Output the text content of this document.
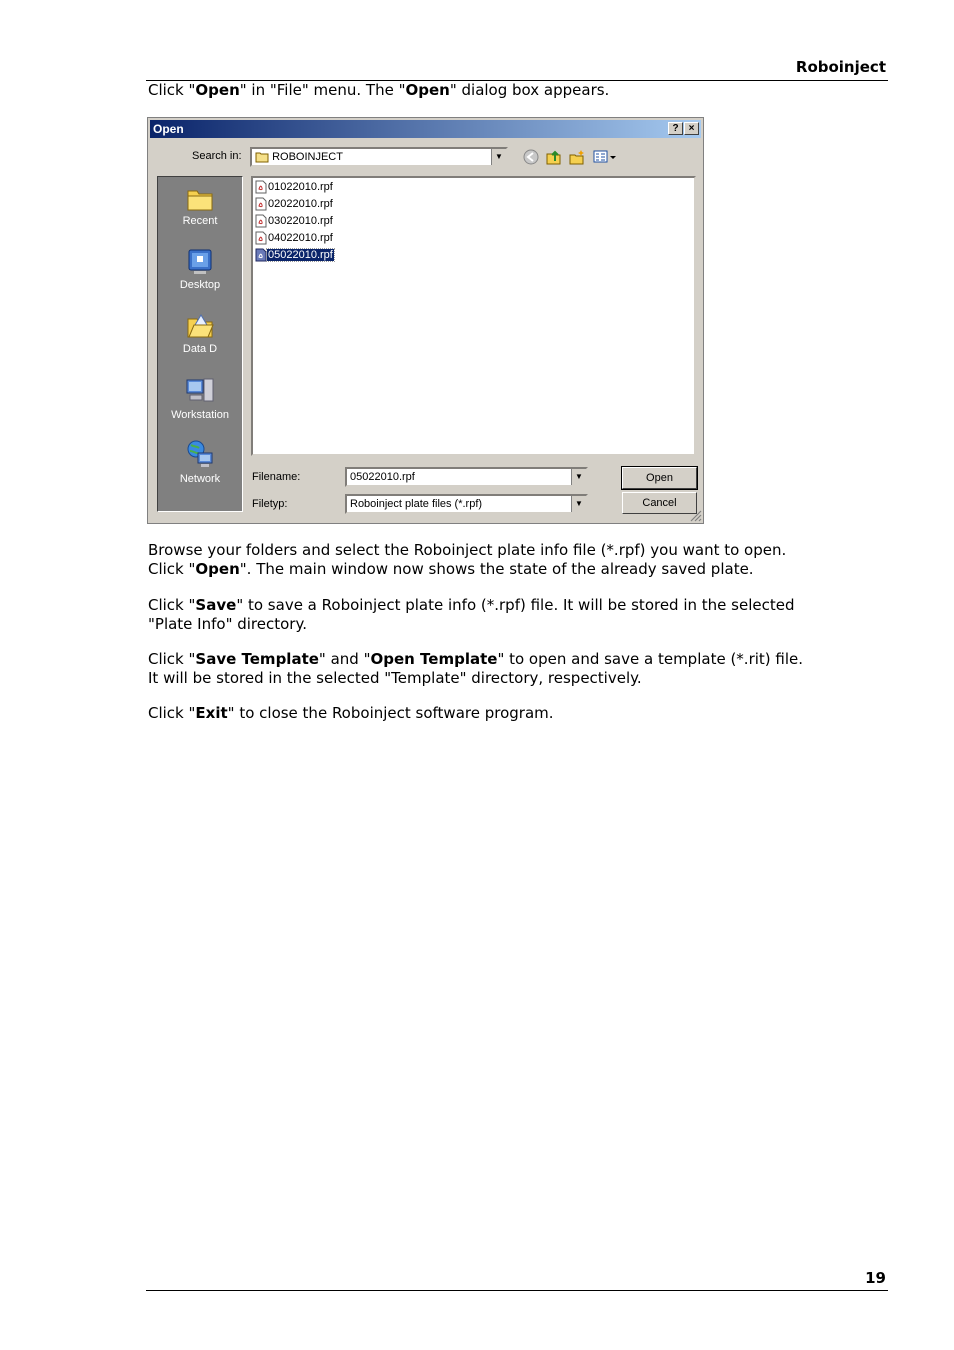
Roboinject

Click "Open" in "File" menu. The "Open" dialog box appears.

Open	?	×
Search in:	ROBOINJECT	▼
Recent
Desktop
Data D
Workstation
Network
01022010.rpf
02022010.rpf
03022010.rpf
04022010.rpf
05022010.rpf
Filename:	05022010.rpf	▼	Open
Filetyp:	Roboinject plate files (*.rpf)	▼	Cancel

Browse your folders and select the Roboinject plate info file (*.rpf) you want to open.
Click "Open". The main window now shows the state of the already saved plate.

Click "Save" to save a Roboinject plate info (*.rpf) file. It will be stored in the selected
"Plate Info" directory.

Click "Save Template" and "Open Template" to open and save a template (*.rit) file.
It will be stored in the selected "Template" directory, respectively.

Click "Exit" to close the Roboinject software program.

19
